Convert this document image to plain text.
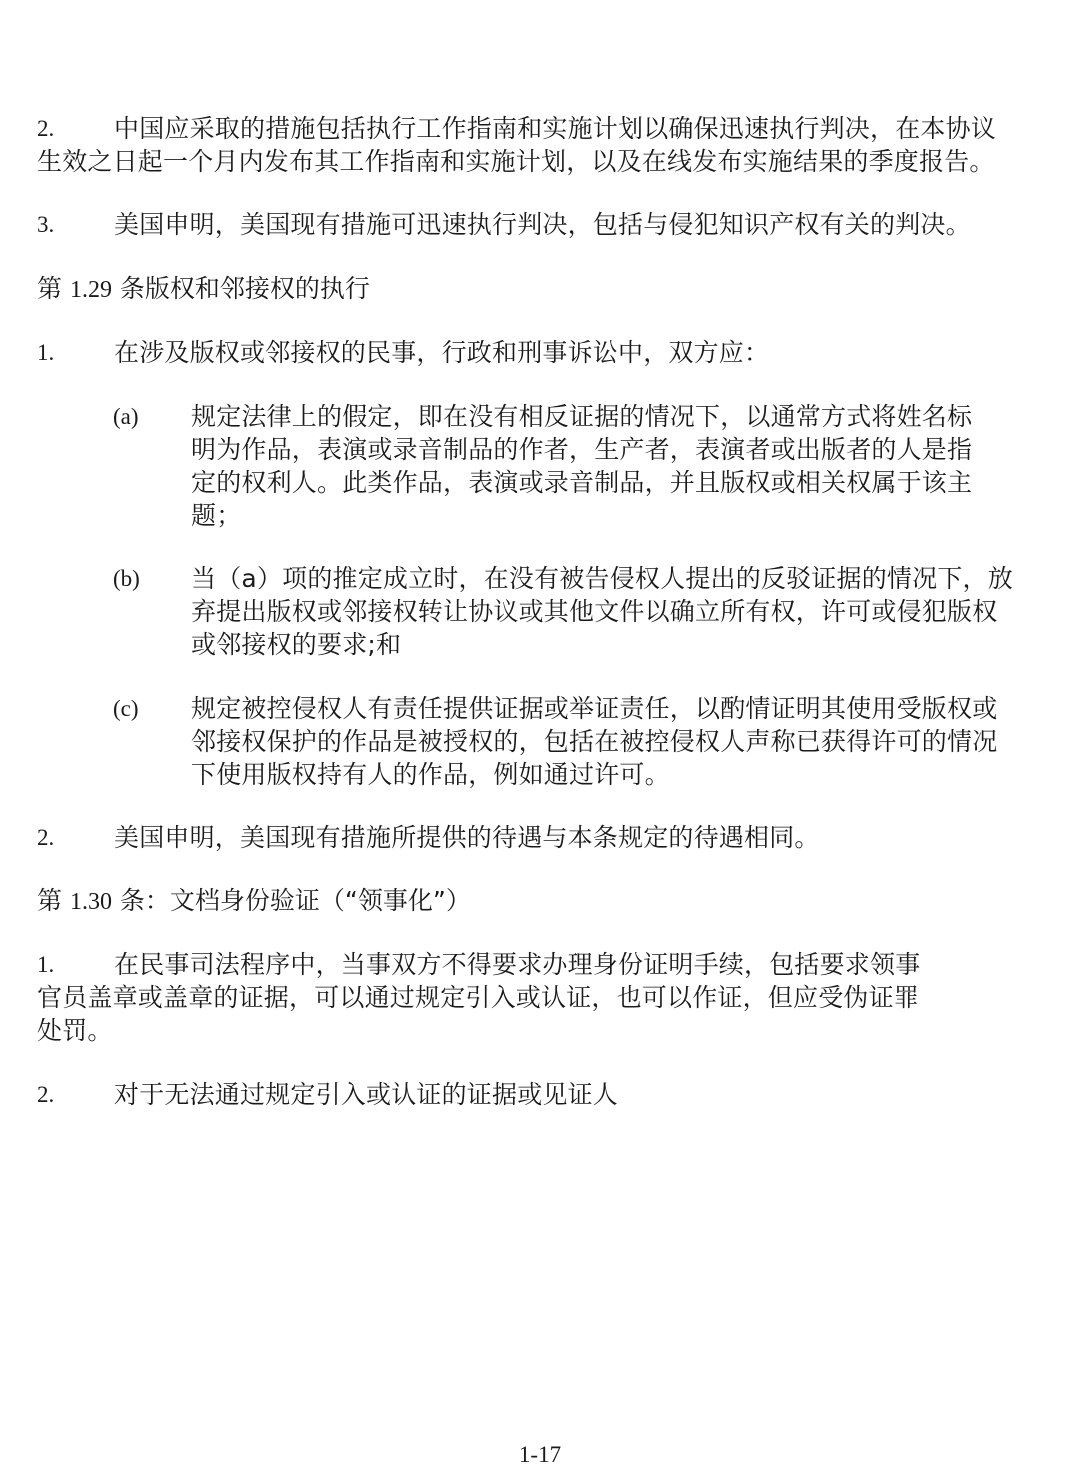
2. 中国应采取的措施包括执行工作指南和实施计划以确保迅速执行判决，在本协议
生效之日起一个月内发布其工作指南和实施计划，以及在线发布实施结果的季度报告。
3. 美国申明，美国现有措施可迅速执行判决，包括与侵犯知识产权有关的判决。
第 1.29 条版权和邻接权的执行
1. 在涉及版权或邻接权的民事，行政和刑事诉讼中，双方应：
(a) 规定法律上的假定，即在没有相反证据的情况下，以通常方式将姓名标
明为作品，表演或录音制品的作者，生产者，表演者或出版者的人是指
定的权利人。此类作品，表演或录音制品，并且版权或相关权属于该主
题；
(b) 当（a）项的推定成立时，在没有被告侵权人提出的反驳证据的情况下，放
弃提出版权或邻接权转让协议或其他文件以确立所有权，许可或侵犯版权
或邻接权的要求;和
(c) 规定被控侵权人有责任提供证据或举证责任，以酌情证明其使用受版权或
邻接权保护的作品是被授权的，包括在被控侵权人声称已获得许可的情况
下使用版权持有人的作品，例如通过许可。
2. 美国申明，美国现有措施所提供的待遇与本条规定的待遇相同。
第 1.30 条：文档身份验证（“领事化”）
1. 在民事司法程序中，当事双方不得要求办理身份证明手续，包括要求领事
官员盖章或盖章的证据，可以通过规定引入或认证，也可以作证，但应受伪证罪
处罚。
2. 对于无法通过规定引入或认证的证据或见证人
1-17
